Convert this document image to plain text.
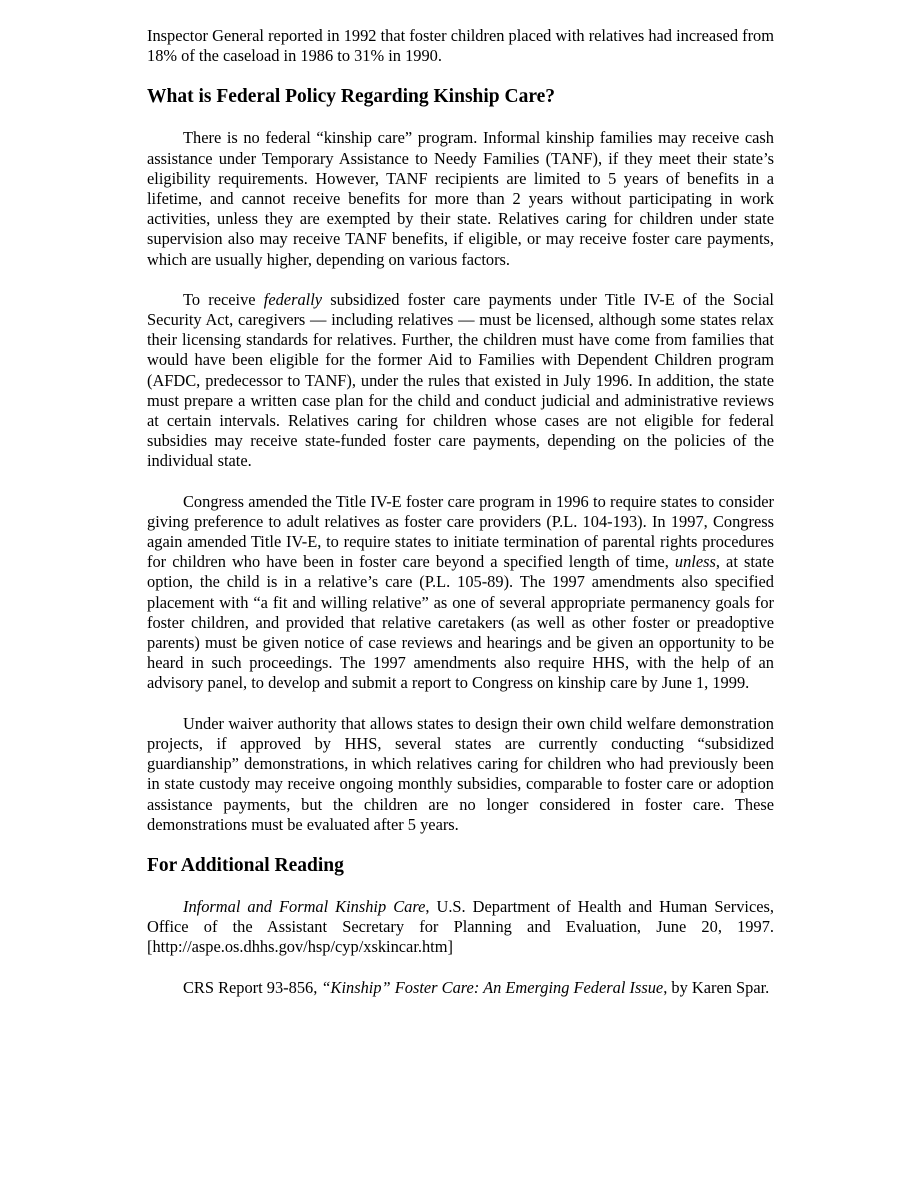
Inspector General reported in 1992 that foster children placed with relatives had increased from 18% of the caseload in 1986 to 31% in 1990.

What is Federal Policy Regarding Kinship Care?

There is no federal “kinship care” program. Informal kinship families may receive cash assistance under Temporary Assistance to Needy Families (TANF), if they meet their state’s eligibility requirements. However, TANF recipients are limited to 5 years of benefits in a lifetime, and cannot receive benefits for more than 2 years without participating in work activities, unless they are exempted by their state. Relatives caring for children under state supervision also may receive TANF benefits, if eligible, or may receive foster care payments, which are usually higher, depending on various factors.

To receive federally subsidized foster care payments under Title IV-E of the Social Security Act, caregivers — including relatives — must be licensed, although some states relax their licensing standards for relatives. Further, the children must have come from families that would have been eligible for the former Aid to Families with Dependent Children program (AFDC, predecessor to TANF), under the rules that existed in July 1996. In addition, the state must prepare a written case plan for the child and conduct judicial and administrative reviews at certain intervals. Relatives caring for children whose cases are not eligible for federal subsidies may receive state-funded foster care payments, depending on the policies of the individual state.

Congress amended the Title IV-E foster care program in 1996 to require states to consider giving preference to adult relatives as foster care providers (P.L. 104-193). In 1997, Congress again amended Title IV-E, to require states to initiate termination of parental rights procedures for children who have been in foster care beyond a specified length of time, unless, at state option, the child is in a relative’s care (P.L. 105-89). The 1997 amendments also specified placement with “a fit and willing relative” as one of several appropriate permanency goals for foster children, and provided that relative caretakers (as well as other foster or preadoptive parents) must be given notice of case reviews and hearings and be given an opportunity to be heard in such proceedings. The 1997 amendments also require HHS, with the help of an advisory panel, to develop and submit a report to Congress on kinship care by June 1, 1999.

Under waiver authority that allows states to design their own child welfare demonstration projects, if approved by HHS, several states are currently conducting “subsidized guardianship” demonstrations, in which relatives caring for children who had previously been in state custody may receive ongoing monthly subsidies, comparable to foster care or adoption assistance payments, but the children are no longer considered in foster care. These demonstrations must be evaluated after 5 years.

For Additional Reading

Informal and Formal Kinship Care, U.S. Department of Health and Human Services, Office of the Assistant Secretary for Planning and Evaluation, June 20, 1997. [http://aspe.os.dhhs.gov/hsp/cyp/xskincar.htm]

CRS Report 93-856, “Kinship” Foster Care: An Emerging Federal Issue, by Karen Spar.
